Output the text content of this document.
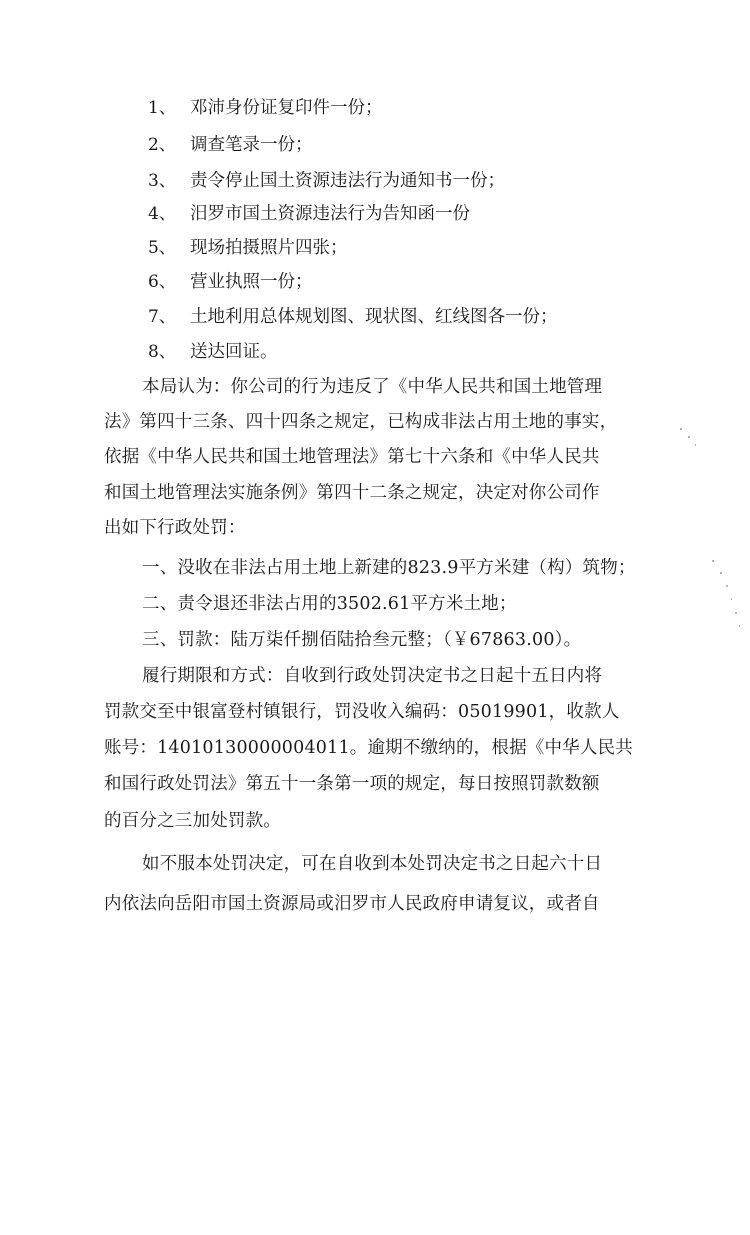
1、 邓沛身份证复印件一份；
2、 调查笔录一份；
3、 责令停止国土资源违法行为通知书一份；
4、 汨罗市国土资源违法行为告知函一份
5、 现场拍摄照片四张；
6、 营业执照一份；
7、 土地利用总体规划图、现状图、红线图各一份；
8、 送达回证。
本局认为：你公司的行为违反了《中华人民共和国土地管理
法》第四十三条、四十四条之规定，已构成非法占用土地的事实，
依据《中华人民共和国土地管理法》第七十六条和《中华人民共
和国土地管理法实施条例》第四十二条之规定，决定对你公司作
出如下行政处罚：
一、没收在非法占用土地上新建的823.9平方米建（构）筑物；
二、责令退还非法占用的3502.61平方米土地；
三、罚款：陆万柒仟捌佰陆拾叁元整；（￥67863.00）。
履行期限和方式：自收到行政处罚决定书之日起十五日内将
罚款交至中银富登村镇银行，罚没收入编码：05019901，收款人
账号：14010130000004011。逾期不缴纳的，根据《中华人民共
和国行政处罚法》第五十一条第一项的规定，每日按照罚款数额
的百分之三加处罚款。
如不服本处罚决定，可在自收到本处罚决定书之日起六十日
内依法向岳阳市国土资源局或汨罗市人民政府申请复议，或者自
